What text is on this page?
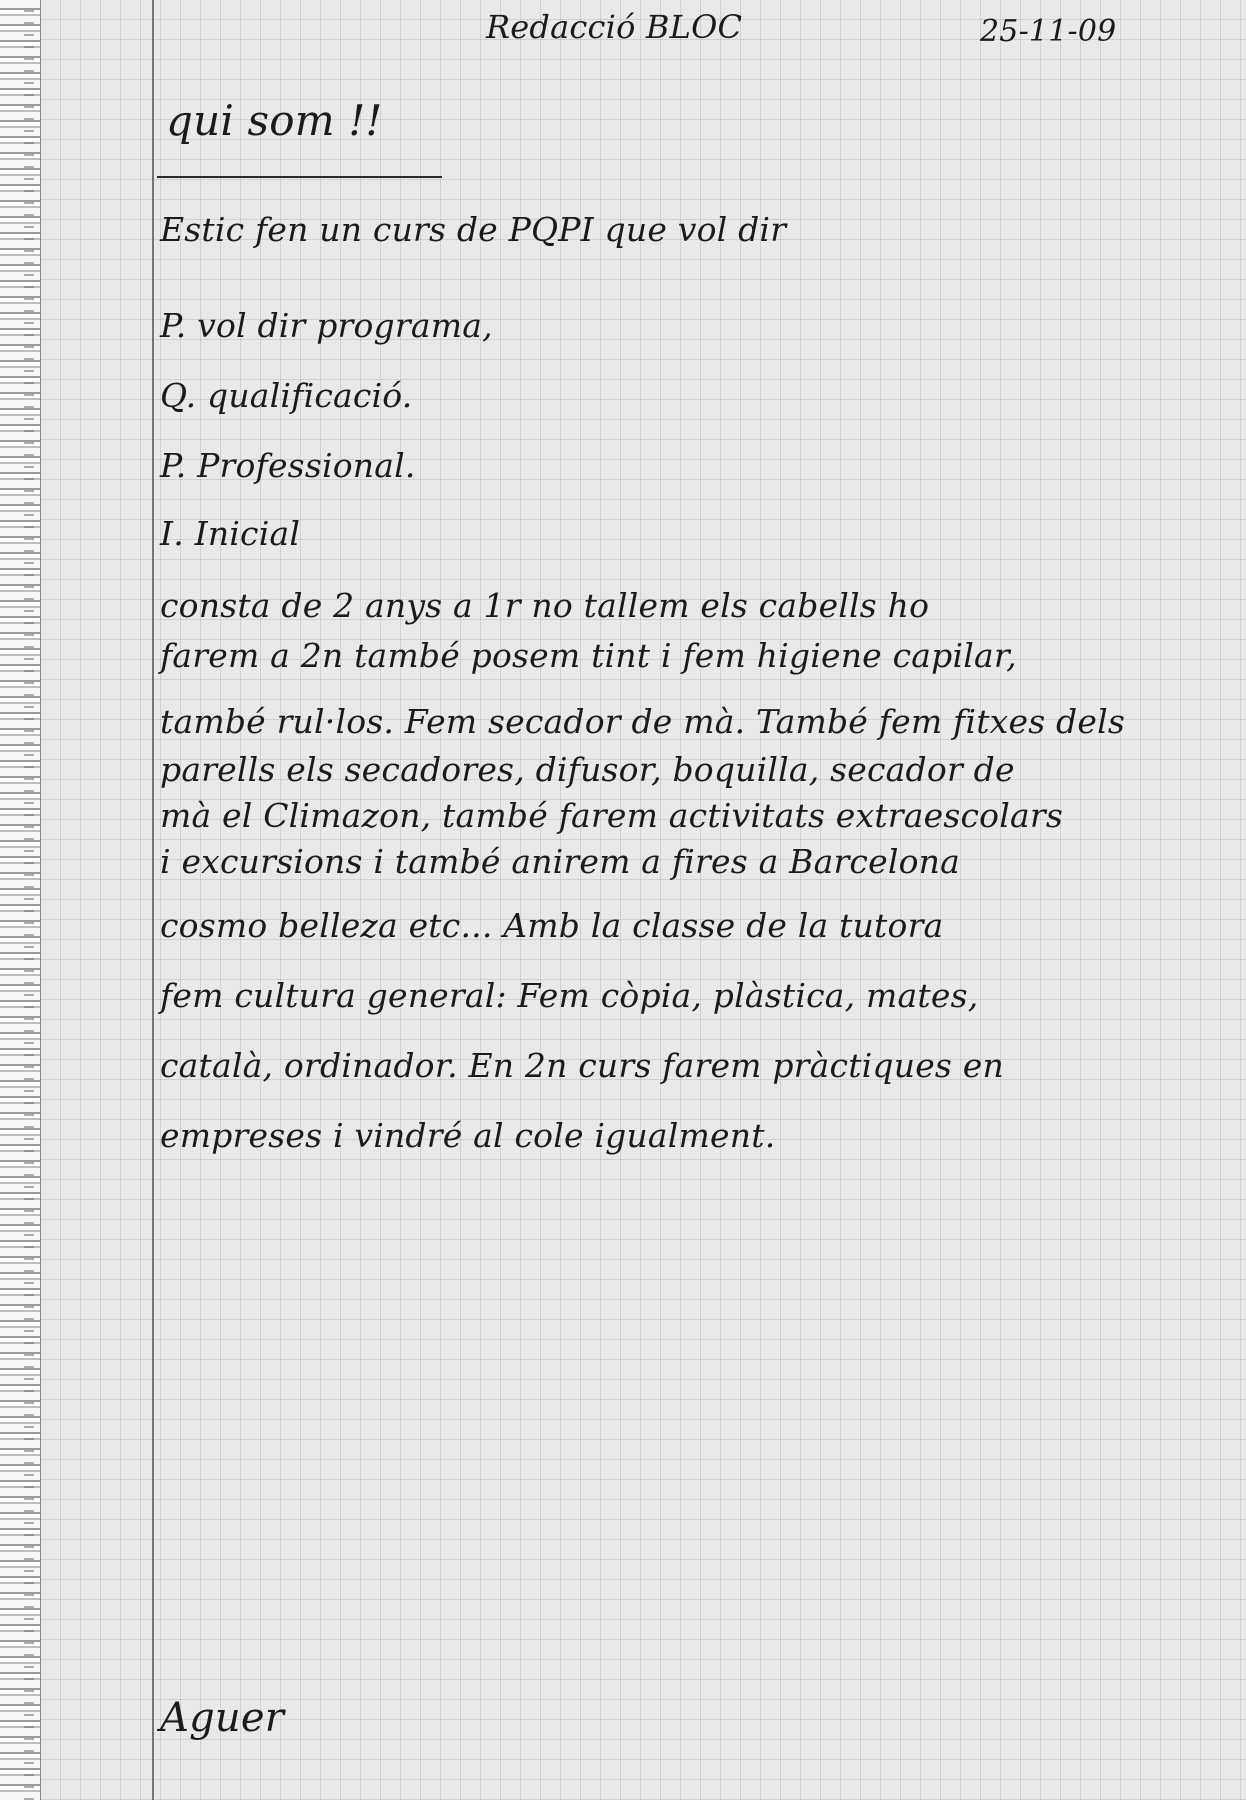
Redacció BLOC	25-11-09

qui som !!

Estic fen un curs de PQPI que vol dir

P. vol dir programa,

Q. qualificació.

P. Professional.

I. Inicial

consta de 2 anys a 1r no tallem els cabells ho

farem a 2n també posem tint i fem higiene capilar,

també rul·los. Fem secador de mà. També fem fitxes dels

parells els secadores, difusor, boquilla, secador de

mà el Climazon, també farem activitats extraescolars

i excursions i també anirem a fires a Barcelona

cosmo belleza etc... Amb la classe de la tutora

fem cultura general: Fem còpia, plàstica, mates,

català, ordinador. En 2n curs farem pràctiques en

empreses i vindré al cole igualment.

Aguer
